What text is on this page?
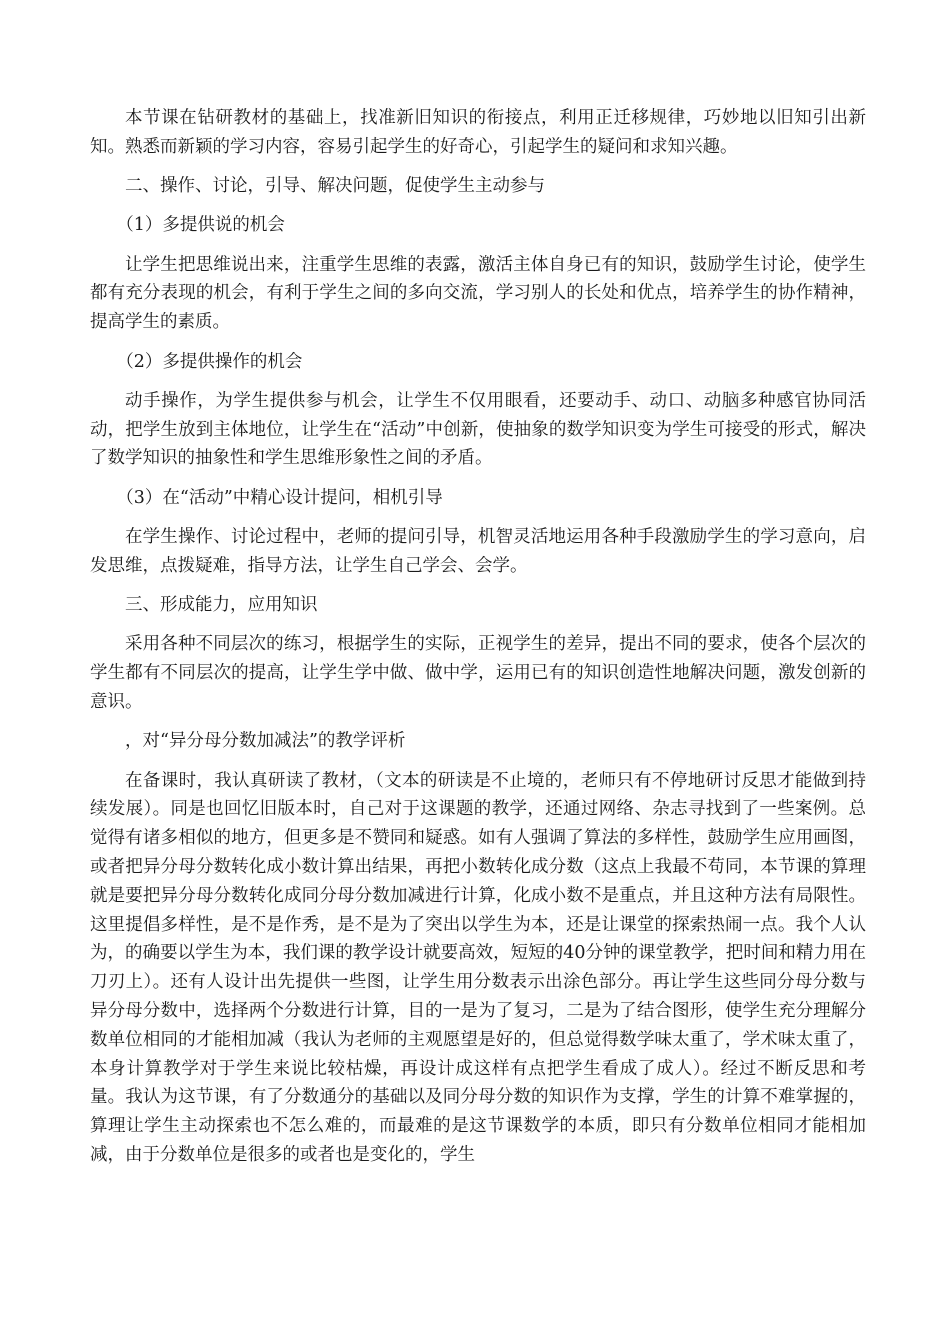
本节课在钻研教材的基础上，找准新旧知识的衔接点，利用正迁移规律，巧妙地以旧知引出新知。熟悉而新颖的学习内容，容易引起学生的好奇心，引起学生的疑问和求知兴趣。

二、操作、讨论，引导、解决问题，促使学生主动参与

（1）多提供说的机会

让学生把思维说出来，注重学生思维的表露，激活主体自身已有的知识，鼓励学生讨论，使学生都有充分表现的机会，有利于学生之间的多向交流，学习别人的长处和优点，培养学生的协作精神，提高学生的素质。

（2）多提供操作的机会

动手操作，为学生提供参与机会，让学生不仅用眼看，还要动手、动口、动脑多种感官协同活动，把学生放到主体地位，让学生在“活动”中创新，使抽象的数学知识变为学生可接受的形式，解决了数学知识的抽象性和学生思维形象性之间的矛盾。

（3）在“活动”中精心设计提问，相机引导

在学生操作、讨论过程中，老师的提问引导，机智灵活地运用各种手段激励学生的学习意向，启发思维，点拨疑难，指导方法，让学生自己学会、会学。

三、形成能力，应用知识

采用各种不同层次的练习，根据学生的实际，正视学生的差异，提出不同的要求，使各个层次的学生都有不同层次的提高，让学生学中做、做中学，运用已有的知识创造性地解决问题，激发创新的意识。

，对“异分母分数加减法”的教学评析

在备课时，我认真研读了教材，（文本的研读是不止境的，老师只有不停地研讨反思才能做到持续发展）。同是也回忆旧版本时，自己对于这课题的教学，还通过网络、杂志寻找到了一些案例。总觉得有诸多相似的地方，但更多是不赞同和疑惑。如有人强调了算法的多样性，鼓励学生应用画图，或者把异分母分数转化成小数计算出结果，再把小数转化成分数（这点上我最不苟同，本节课的算理就是要把异分母分数转化成同分母分数加减进行计算，化成小数不是重点，并且这种方法有局限性。这里提倡多样性，是不是作秀，是不是为了突出以学生为本，还是让课堂的探索热闹一点。我个人认为，的确要以学生为本，我们课的教学设计就要高效，短短的40分钟的课堂教学，把时间和精力用在刀刃上）。还有人设计出先提供一些图，让学生用分数表示出涂色部分。再让学生这些同分母分数与异分母分数中，选择两个分数进行计算，目的一是为了复习，二是为了结合图形，使学生充分理解分数单位相同的才能相加减（我认为老师的主观愿望是好的，但总觉得数学味太重了，学术味太重了，本身计算教学对于学生来说比较枯燥，再设计成这样有点把学生看成了成人）。经过不断反思和考量。我认为这节课，有了分数通分的基础以及同分母分数的知识作为支撑，学生的计算不难掌握的，算理让学生主动探索也不怎么难的，而最难的是这节课数学的本质，即只有分数单位相同才能相加减，由于分数单位是很多的或者也是变化的，学生
